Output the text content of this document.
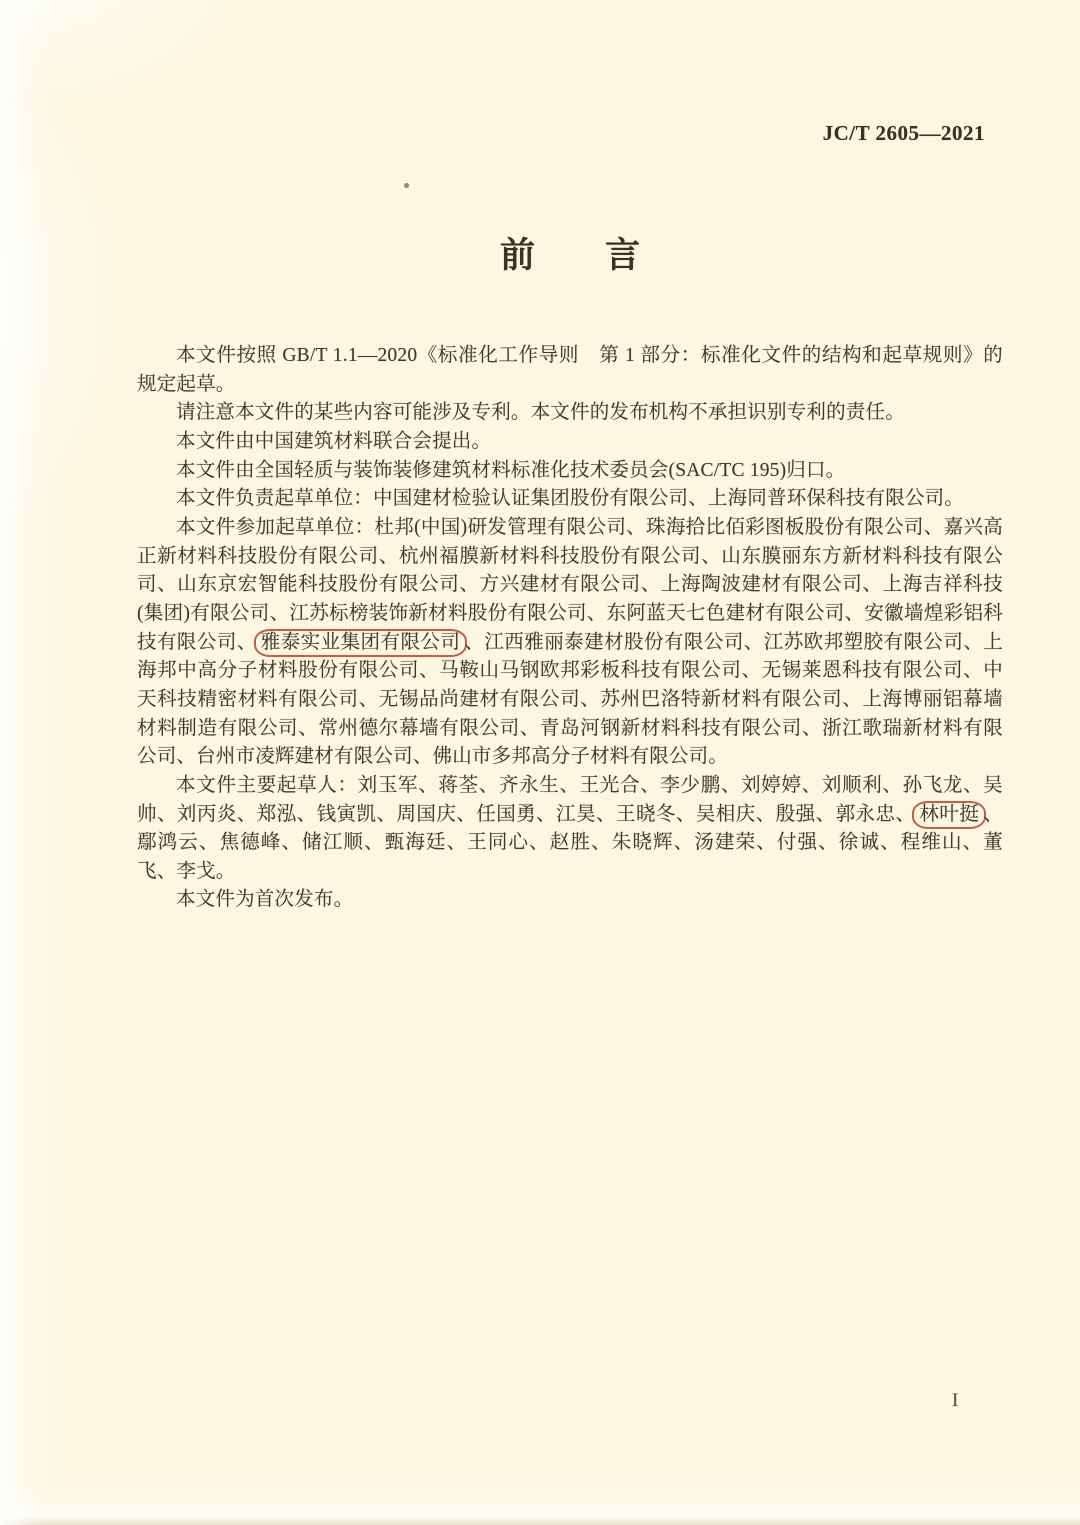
JC/T 2605—2021
前　　言

本文件按照 GB/T 1.1—2020《标准化工作导则　第 1 部分：标准化文件的结构和起草规则》的规定起草。

请注意本文件的某些内容可能涉及专利。本文件的发布机构不承担识别专利的责任。

本文件由中国建筑材料联合会提出。

本文件由全国轻质与装饰装修建筑材料标准化技术委员会(SAC/TC 195)归口。

本文件负责起草单位：中国建材检验认证集团股份有限公司、上海同普环保科技有限公司。

本文件参加起草单位：杜邦(中国)研发管理有限公司、珠海拾比佰彩图板股份有限公司、嘉兴高正新材料科技股份有限公司、杭州福膜新材料科技股份有限公司、山东膜丽东方新材料科技有限公司、山东京宏智能科技股份有限公司、方兴建材有限公司、上海陶波建材有限公司、上海吉祥科技(集团)有限公司、江苏标榜装饰新材料股份有限公司、东阿蓝天七色建材有限公司、安徽墙煌彩铝科技有限公司、 雅泰实业集团有限公司 、江西雅丽泰建材股份有限公司、江苏欧邦塑胶有限公司、上海邦中高分子材料股份有限公司、马鞍山马钢欧邦彩板科技有限公司、无锡莱恩科技有限公司、中天科技精密材料有限公司、无锡品尚建材有限公司、苏州巴洛特新材料有限公司、上海博丽铝幕墙材料制造有限公司、常州德尔幕墙有限公司、青岛河钢新材料科技有限公司、浙江歌瑞新材料有限公司、台州市凌辉建材有限公司、佛山市多邦高分子材料有限公司。

本文件主要起草人：刘玉军、蒋荃、齐永生、王光合、李少鹏、刘婷婷、刘顺利、孙飞龙、吴帅、刘丙炎、郑泓、钱寅凯、周国庆、任国勇、江昊、王晓冬、吴相庆、殷强、郭永忠、 林叶挺 、鄢鸿云、焦德峰、储江顺、甄海廷、王同心、赵胜、朱晓辉、汤建荣、付强、徐诚、程维山、董飞、李戈。

本文件为首次发布。

I
